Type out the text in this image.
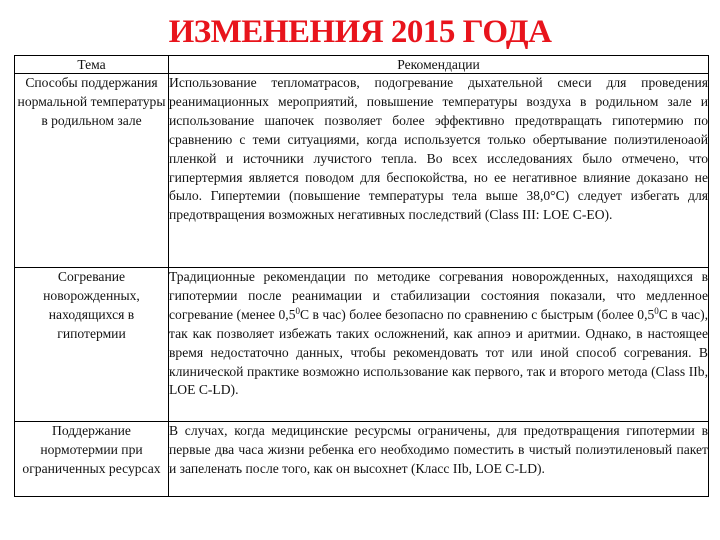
ИЗМЕНЕНИЯ 2015 ГОДА
Тема	Рекомендации
Способы поддержания нормальной температуры в родильном зале	Использование тепломатрасов, подогревание дыхательной смеси для проведения реанимационных мероприятий, повышение температуры воздуха в родильном зале и использование шапочек позволяет более эффективно предотвращать гипотермию по сравнению с теми ситуациями, когда используется только обертывание полиэтиленоаой пленкой и источники лучистого тепла. Во всех исследованиях было отмечено, что гипертермия является поводом для беспокойства, но ее негативное влияние доказано не было. Гипертемии (повышение температуры тела выше 38,0°С) следует избегать для предотвращения возможных негативных последствий (Class III: LOE C-EO).
Согревание новорожденных, находящихся в гипотермии	Традиционные рекомендации по методике согревания новорожденных, находящихся в гипотермии после реанимации и стабилизации состояния показали, что медленное согревание (менее $0,5^0С$ в час) более безопасно по сравнению с быстрым (более $0,5^0С$ в час), так как позволяет избежать таких осложнений, как апноэ и аритмии. Однако, в настоящее время недостаточно данных, чтобы рекомендовать тот или иной способ согревания. В клинической практике возможно использование как первого, так и второго метода (Class IIb, LOE C-LD).
Поддержание нормотермии при ограниченных ресурсах	В случах, когда медицинские ресурсмы ограничены, для предотвращения гипотермии в первые два часа жизни ребенка его необходимо поместить в чистый полиэтиленовый пакет и запеленать после того, как он высохнет (Класс IIb, LOE C-LD).
